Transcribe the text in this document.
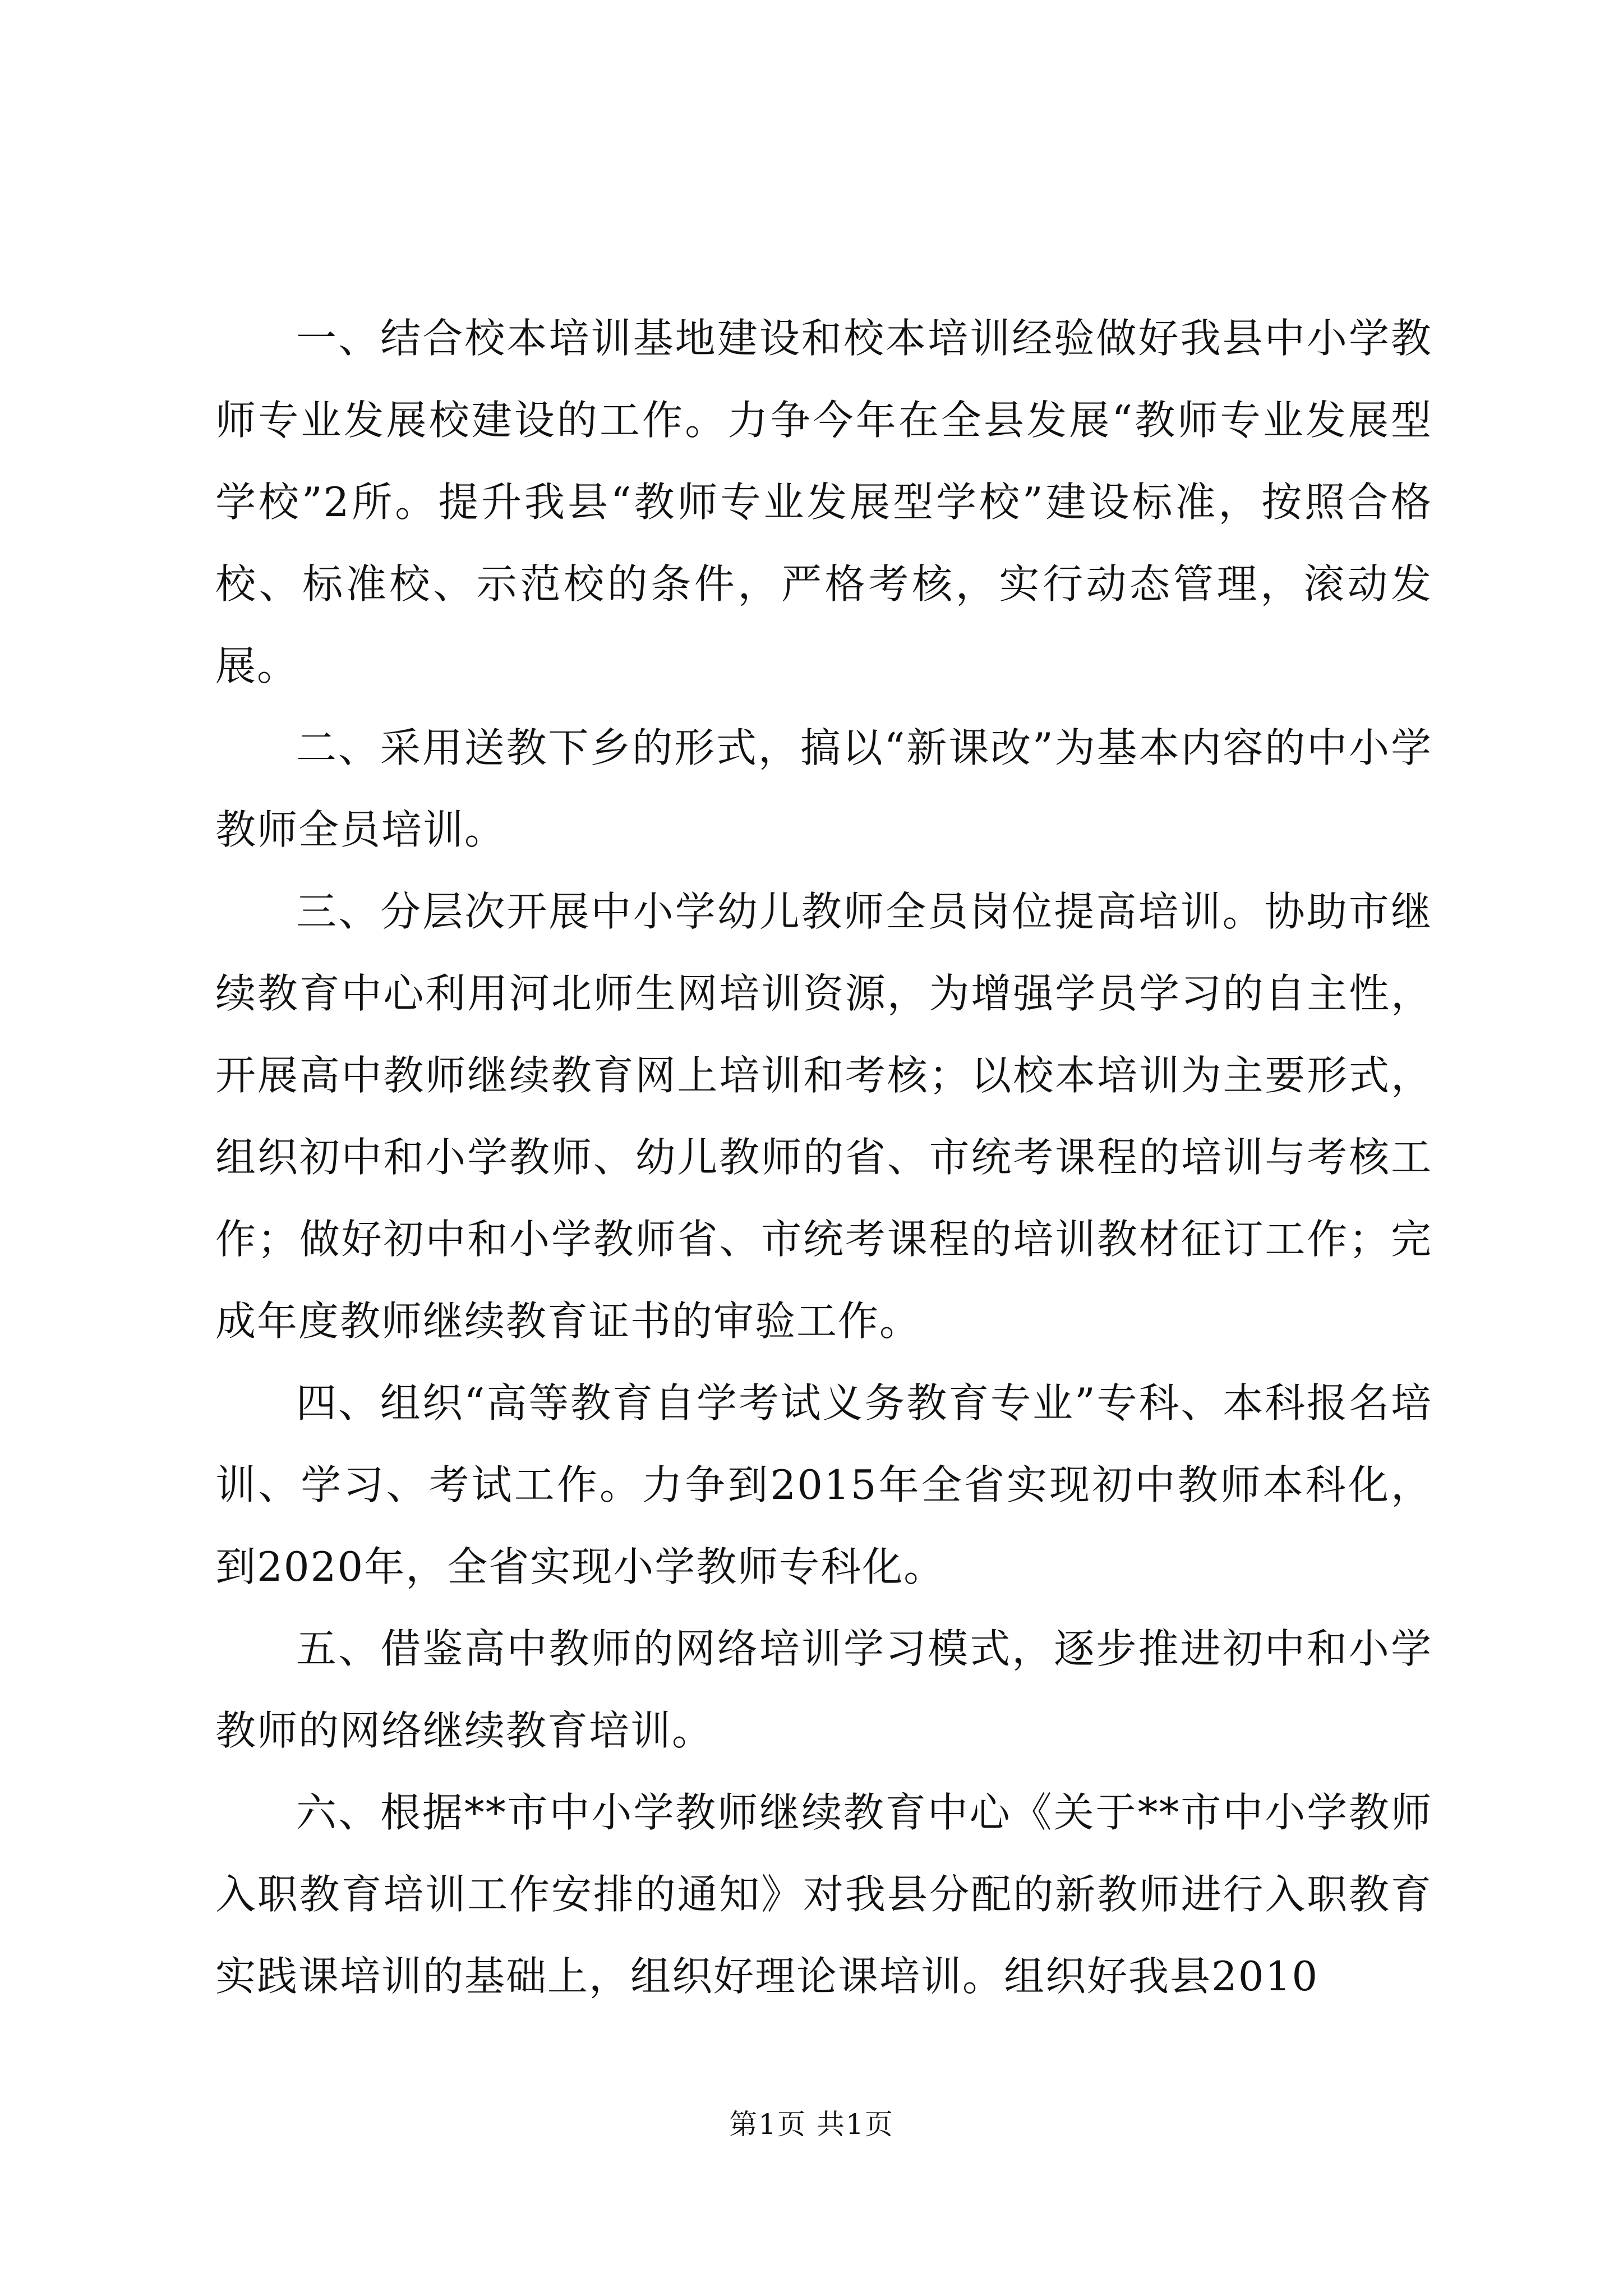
一、结合校本培训基地建设和校本培训经验做好我县中小学教师专业发展校建设的工作。力争今年在全县发展“教师专业发展型学校”2所。提升我县“教师专业发展型学校”建设标准，按照合格校、标准校、示范校的条件，严格考核，实行动态管理，滚动发展。

二、采用送教下乡的形式，搞以“新课改”为基本内容的中小学教师全员培训。

三、分层次开展中小学幼儿教师全员岗位提高培训。协助市继续教育中心利用河北师生网培训资源，为增强学员学习的自主性，开展高中教师继续教育网上培训和考核；以校本培训为主要形式，组织初中和小学教师、幼儿教师的省、市统考课程的培训与考核工作；做好初中和小学教师省、市统考课程的培训教材征订工作；完成年度教师继续教育证书的审验工作。

四、组织“高等教育自学考试义务教育专业”专科、本科报名培训、学习、考试工作。力争到2015年全省实现初中教师本科化，到2020年，全省实现小学教师专科化。

五、借鉴高中教师的网络培训学习模式，逐步推进初中和小学教师的网络继续教育培训。

六、根据**市中小学教师继续教育中心《关于**市中小学教师入职教育培训工作安排的通知》对我县分配的新教师进行入职教育实践课培训的基础上，组织好理论课培训。组织好我县2010

第1页 共1页
